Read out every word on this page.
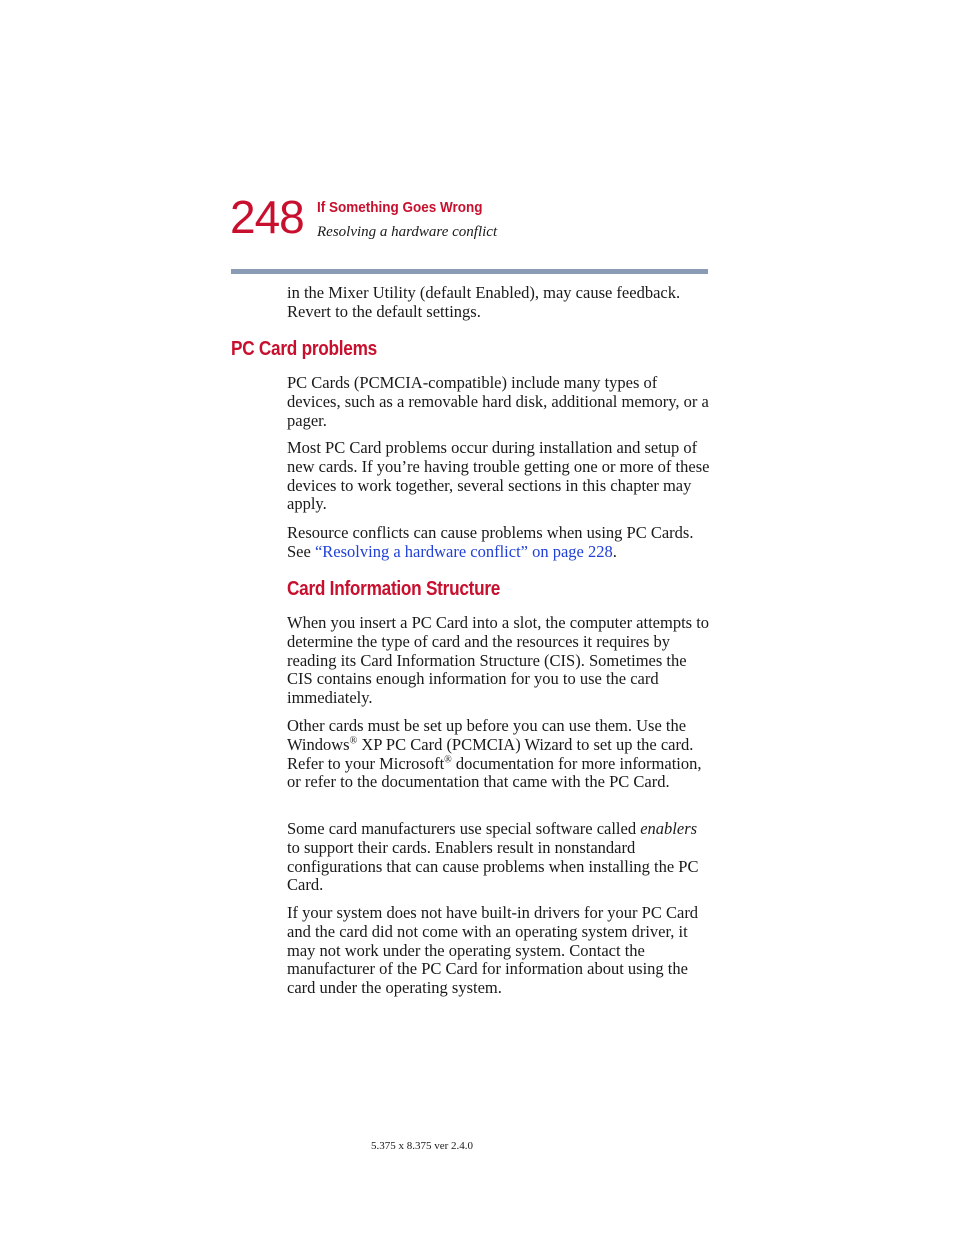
248 If Something Goes Wrong
Resolving a hardware conflict

in the Mixer Utility (default Enabled), may cause feedback. Revert to the default settings.

PC Card problems

PC Cards (PCMCIA-compatible) include many types of devices, such as a removable hard disk, additional memory, or a pager.

Most PC Card problems occur during installation and setup of new cards. If you’re having trouble getting one or more of these devices to work together, several sections in this chapter may apply.

Resource conflicts can cause problems when using PC Cards. See “Resolving a hardware conflict” on page 228.

Card Information Structure

When you insert a PC Card into a slot, the computer attempts to determine the type of card and the resources it requires by reading its Card Information Structure (CIS). Sometimes the CIS contains enough information for you to use the card immediately.

Other cards must be set up before you can use them. Use the Windows® XP PC Card (PCMCIA) Wizard to set up the card. Refer to your Microsoft® documentation for more information, or refer to the documentation that came with the PC Card.

Some card manufacturers use special software called enablers to support their cards. Enablers result in nonstandard configurations that can cause problems when installing the PC Card.

If your system does not have built-in drivers for your PC Card and the card did not come with an operating system driver, it may not work under the operating system. Contact the manufacturer of the PC Card for information about using the card under the operating system.

5.375 x 8.375 ver 2.4.0
